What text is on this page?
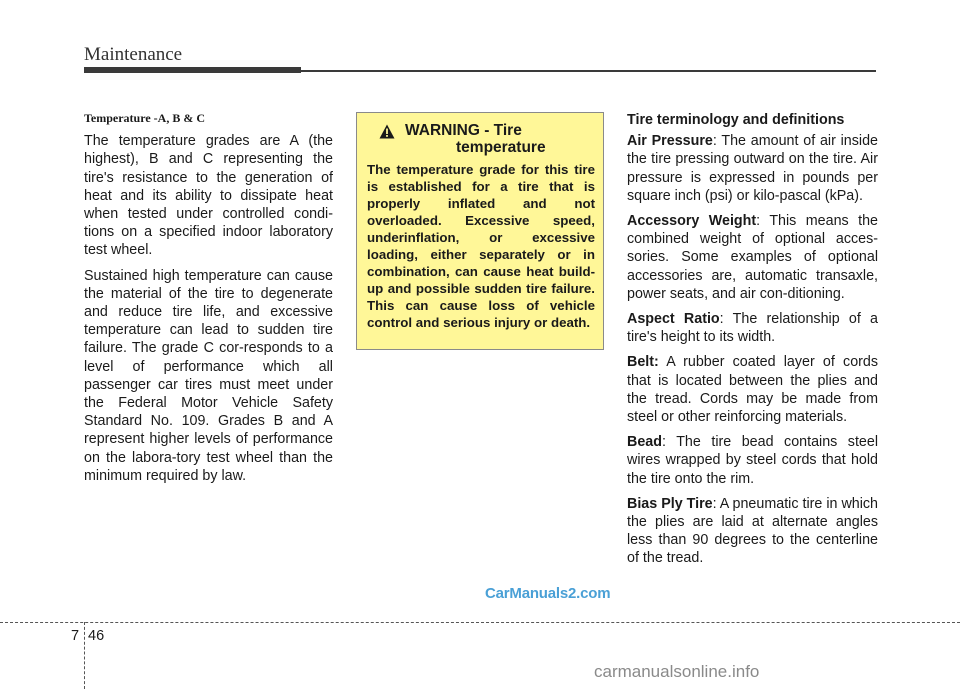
Maintenance
Temperature -A, B & C

The temperature grades are A (the highest), B and C representing the tire's resistance to the generation of heat and its ability to dissipate heat when tested under controlled condi-tions on a specified indoor laboratory test wheel.

Sustained high temperature can cause the material of the tire to degenerate and reduce tire life, and excessive temperature can lead to sudden tire failure. The grade C cor-responds to a level of performance which all passenger car tires must meet under the Federal Motor Vehicle Safety Standard No. 109. Grades B and A represent higher levels of performance on the labora-tory test wheel than the minimum required by law.

WARNING - Tire
temperature

The temperature grade for this tire is established for a tire that is properly inflated and not overloaded. Excessive speed, underinflation, or excessive loading, either separately or in combination, can cause heat build-up and possible sudden tire failure. This can cause loss of vehicle control and serious injury or death.

Tire terminology and definitions

Air Pressure: The amount of air inside the tire pressing outward on the tire. Air pressure is expressed in pounds per square inch (psi) or kilo-pascal (kPa).

Accessory Weight: This means the combined weight of optional acces-sories. Some examples of optional accessories are, automatic transaxle, power seats, and air con-ditioning.

Aspect Ratio: The relationship of a tire's height to its width.

Belt: A rubber coated layer of cords that is located between the plies and the tread. Cords may be made from steel or other reinforcing materials.

Bead: The tire bead contains steel wires wrapped by steel cords that hold the tire onto the rim.

Bias Ply Tire: A pneumatic tire in which the plies are laid at alternate angles less than 90 degrees to the centerline of the tread.

CarManuals2.com
7 46
carmanualsonline.info
